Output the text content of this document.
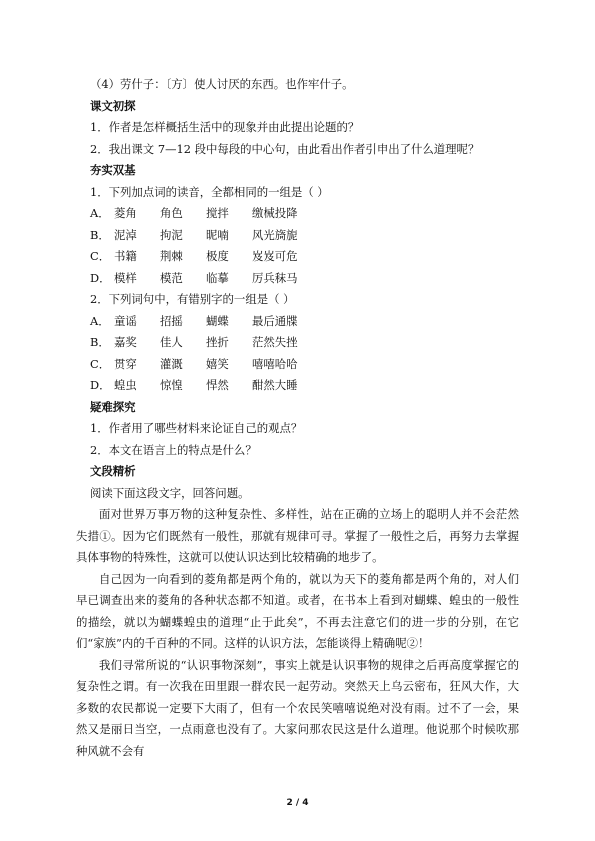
（4）劳什子：〔方〕使人讨厌的东西。也作牢什子。
课文初探
1．作者是怎样概括生活中的现象并由此提出论题的？
2．我出课文 7—12 段中每段的中心句，由此看出作者引申出了什么道理呢？
夯实双基
1．下列加点词的读音，全都相同的一组是（ ）
A． 菱角	角色	搅拌	缴械投降
B． 泥淖	拘泥	昵喃	风光旖旎
C． 书籍	荆棘	极度	岌岌可危
D． 模样	模范	临摹	厉兵秣马
2．下列词句中，有错别字的一组是（ ）
A． 童谣	招摇	蝴蝶	最后通牒
B． 嘉奖	佳人	挫折	茫然失挫
C． 贯穿	灌溉	嬉笑	嘻嘻哈哈
D． 蝗虫	惊惶	悍然	酣然大睡
疑难探究
1．作者用了哪些材料来论证自己的观点？
2．本文在语言上的特点是什么？
文段精析
阅读下面这段文字，回答问题。
面对世界万事万物的这种复杂性、多样性，站在正确的立场上的聪明人并不会茫然失措①。因为它们既然有一般性，那就有规律可寻。掌握了一般性之后，再努力去掌握具体事物的特殊性，这就可以使认识达到比较精确的地步了。
自己因为一向看到的菱角都是两个角的，就以为天下的菱角都是两个角的，对人们早已调查出来的菱角的各种状态都不知道。或者，在书本上看到对蝴蝶、蝗虫的一般性的描绘，就以为蝴蝶蝗虫的道理“止于此矣”，不再去注意它们的进一步的分别，在它们“家族”内的千百种的不同。这样的认识方法，怎能谈得上精确呢②！
我们寻常所说的“认识事物深刻”，事实上就是认识事物的规律之后再高度掌握它的复杂性之谓。有一次我在田里跟一群农民一起劳动。突然天上乌云密布，狂风大作，大多数的农民都说一定要下大雨了，但有一个农民笑嘻嘻说绝对没有雨。过不了一会，果然又是丽日当空，一点雨意也没有了。大家问那农民这是什么道理。他说那个时候吹那种风就不会有
2 / 4
